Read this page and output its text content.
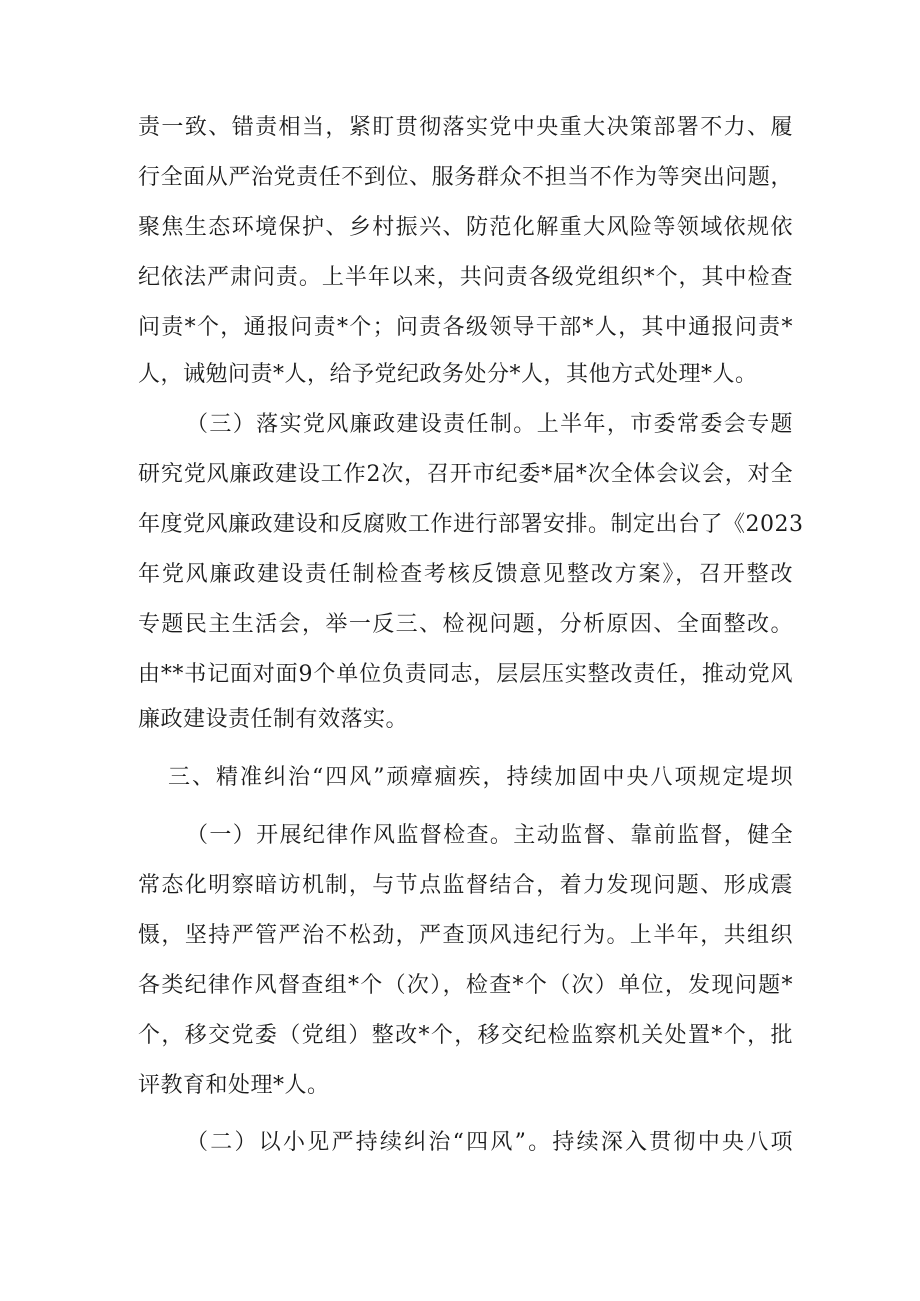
责一致、错责相当，紧盯贯彻落实党中央重大决策部署不力、履
行全面从严治党责任不到位、服务群众不担当不作为等突出问题，
聚焦生态环境保护、乡村振兴、防范化解重大风险等领域依规依
纪依法严肃问责。上半年以来，共问责各级党组织*个，其中检查
问责*个，通报问责*个；问责各级领导干部*人，其中通报问责*
人，诫勉问责*人，给予党纪政务处分*人，其他方式处理*人。
（三）落实党风廉政建设责任制。上半年，市委常委会专题
研究党风廉政建设工作2次，召开市纪委*届*次全体会议会，对全
年度党风廉政建设和反腐败工作进行部署安排。制定出台了《2023
年党风廉政建设责任制检查考核反馈意见整改方案》，召开整改
专题民主生活会，举一反三、检视问题，分析原因、全面整改。
由**书记面对面9个单位负责同志，层层压实整改责任，推动党风
廉政建设责任制有效落实。
三、精准纠治“四风”顽瘴痼疾，持续加固中央八项规定堤坝
（一）开展纪律作风监督检查。主动监督、靠前监督，健全
常态化明察暗访机制，与节点监督结合，着力发现问题、形成震
慑，坚持严管严治不松劲，严查顶风违纪行为。上半年，共组织
各类纪律作风督查组*个（次），检查*个（次）单位，发现问题*
个，移交党委（党组）整改*个，移交纪检监察机关处置*个，批
评教育和处理*人。
（二）以小见严持续纠治“四风”。持续深入贯彻中央八项
